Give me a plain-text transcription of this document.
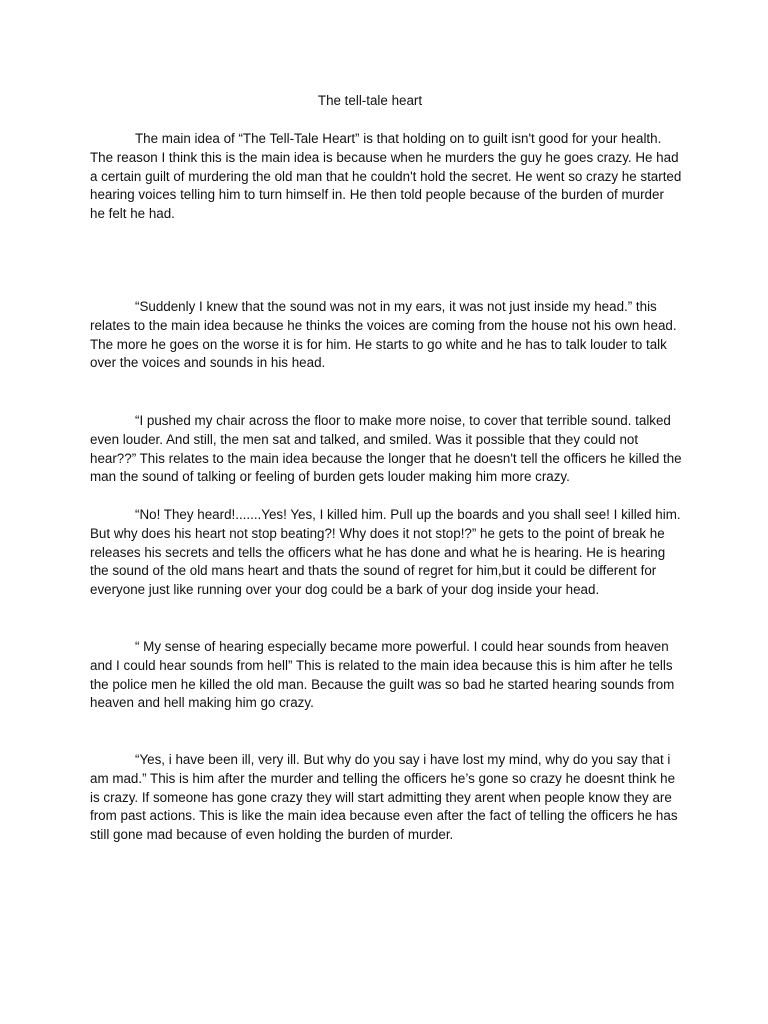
The tell-tale heart

The main idea of “The Tell-Tale Heart” is that holding on to guilt isn't good for your health. The reason I think this is the main idea is because when he murders the guy he goes crazy. He had a certain guilt of murdering the old man that he couldn't hold the secret. He went so crazy he started hearing voices telling him to turn himself in. He then told people because of the burden of murder he felt he had.

“Suddenly I knew that the sound was not in my ears, it was not just inside my head.” this relates to the main idea because he thinks the voices are coming from the house not his own head. The more he goes on the worse it is for him. He starts to go white and he has to talk louder to talk over the voices and sounds in his head.

“I pushed my chair across the floor to make more noise, to cover that terrible sound. talked even louder. And still, the men sat and talked, and smiled. Was it possible that they could not hear??” This relates to the main idea because the longer that he doesn't tell the officers he killed the man the sound of talking or feeling of burden gets louder making him more crazy.

“No! They heard!.......Yes! Yes, I killed him. Pull up the boards and you shall see! I killed him. But why does his heart not stop beating?! Why does it not stop!?” he gets to the point of break he releases his secrets and tells the officers what he has done and what he is hearing. He is hearing the sound of the old mans heart and thats the sound of regret for him,but it could be different for everyone just like running over your dog could be a bark of your dog inside your head.

“ My sense of hearing especially became more powerful. I could hear sounds from heaven and I could hear sounds from hell” This is related to the main idea because this is him after he tells the police men he killed the old man. Because the guilt was so bad he started hearing sounds from heaven and hell making him go crazy.

“Yes, i have been ill, very ill. But why do you say i have lost my mind, why do you say that i am mad.” This is him after the murder and telling the officers he’s gone so crazy he doesnt think he is crazy. If someone has gone crazy they will start admitting they arent when people know they are from past actions. This is like the main idea because even after the fact of telling the officers he has still gone mad because of even holding the burden of murder.
